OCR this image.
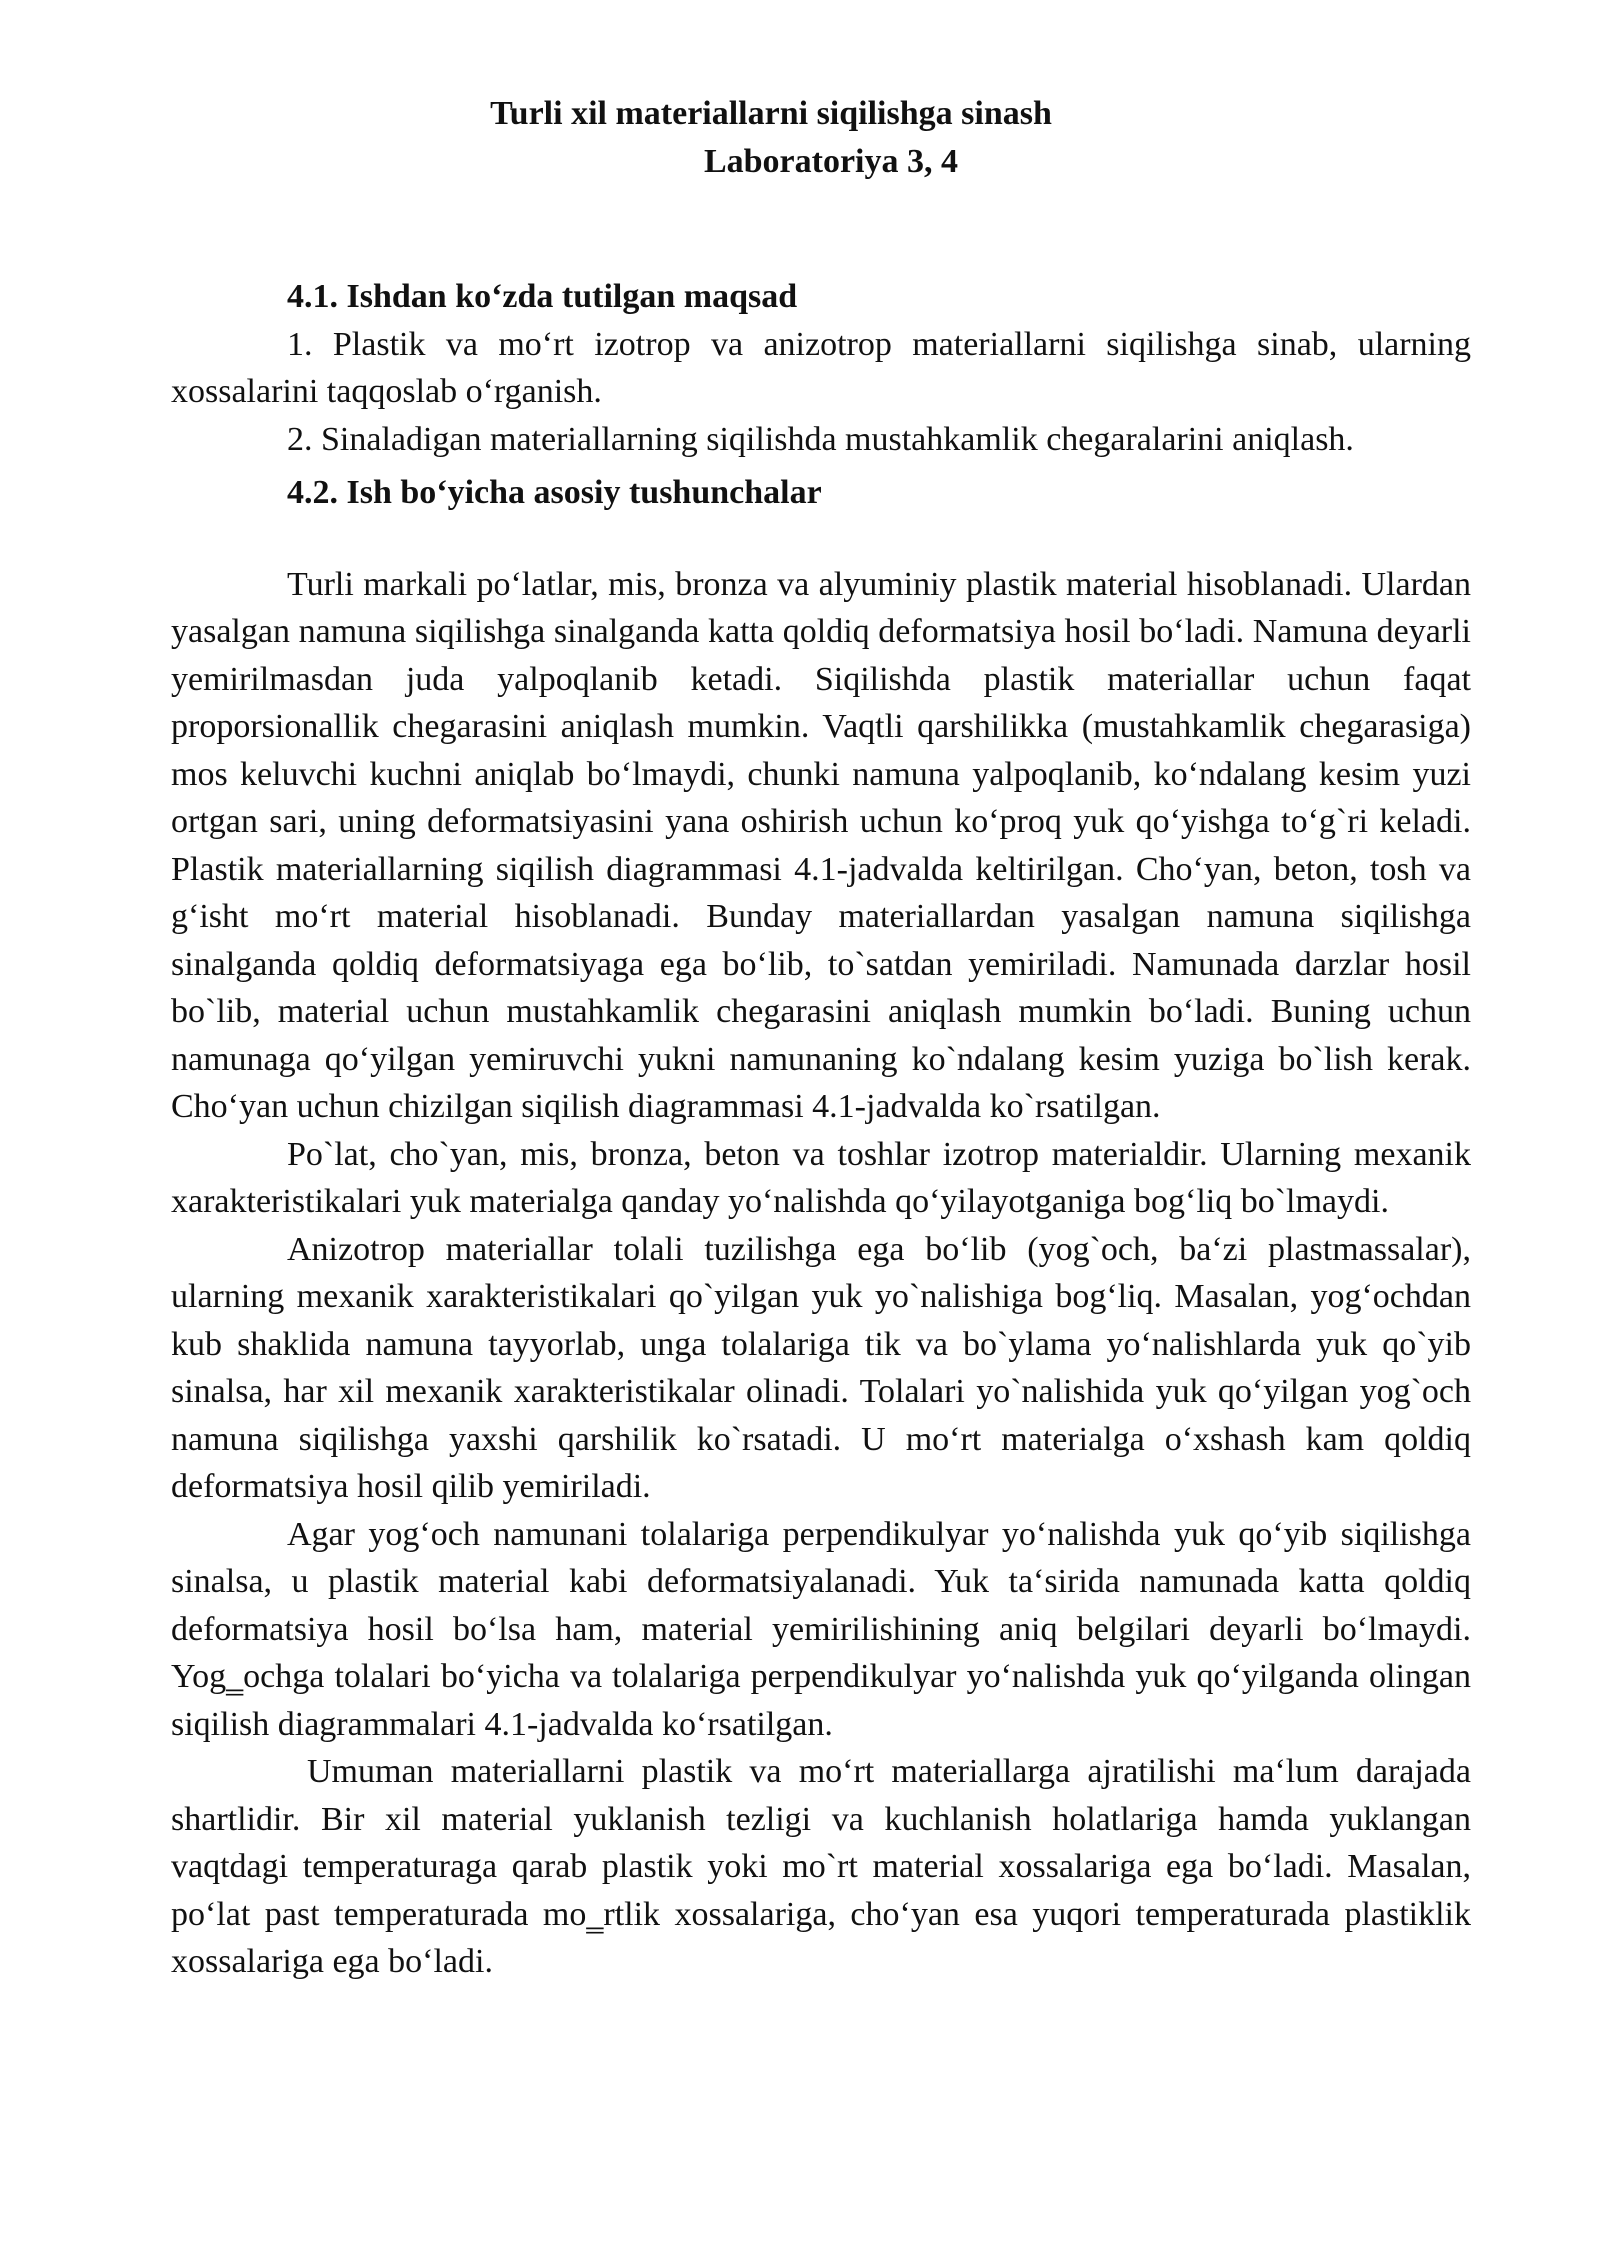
Turli xil materiallarni siqilishga sinash
Laboratoriya 3, 4
4.1. Ishdan ko‘zda tutilgan maqsad

1. Plastik va mo‘rt izotrop va anizotrop materiallarni siqilishga sinab, ularning xossalarini taqqoslab o‘rganish.

2. Sinaladigan materiallarning siqilishda mustahkamlik chegaralarini aniqlash.

4.2. Ish bo‘yicha asosiy tushunchalar

Turli markali po‘latlar, mis, bronza va alyuminiy plastik material hisoblanadi. Ulardan yasalgan namuna siqilishga sinalganda katta qoldiq deformatsiya hosil bo‘ladi. Namuna deyarli yemirilmasdan juda yalpoqlanib ketadi. Siqilishda plastik materiallar uchun faqat proporsionallik chegarasini aniqlash mumkin. Vaqtli qarshilikka (mustahkamlik chegarasiga) mos keluvchi kuchni aniqlab bo‘lmaydi, chunki namuna yalpoqlanib, ko‘ndalang kesim yuzi ortgan sari, uning deformatsiyasini yana oshirish uchun ko‘proq yuk qo‘yishga to‘g`ri keladi. Plastik materiallarning siqilish diagrammasi 4.1-jadvalda keltirilgan. Cho‘yan, beton, tosh va g‘isht mo‘rt material hisoblanadi. Bunday materiallardan yasalgan namuna siqilishga sinalganda qoldiq deformatsiyaga ega bo‘lib, to`satdan yemiriladi. Namunada darzlar hosil bo`lib, material uchun mustahkamlik chegarasini aniqlash mumkin bo‘ladi. Buning uchun namunaga qo‘yilgan yemiruvchi yukni namunaning ko`ndalang kesim yuziga bo`lish kerak. Cho‘yan uchun chizilgan siqilish diagrammasi 4.1-jadvalda ko`rsatilgan.

Po`lat, cho`yan, mis, bronza, beton va toshlar izotrop materialdir. Ularning mexanik xarakteristikalari yuk materialga qanday yo‘nalishda qo‘yilayotganiga bog‘liq bo`lmaydi.

Anizotrop materiallar tolali tuzilishga ega bo‘lib (yog`och, ba‘zi plastmassalar), ularning mexanik xarakteristikalari qo`yilgan yuk yo`nalishiga bog‘liq. Masalan, yog‘ochdan kub shaklida namuna tayyorlab, unga tolalariga tik va bo`ylama yo‘nalishlarda yuk qo`yib sinalsa, har xil mexanik xarakteristikalar olinadi. Tolalari yo`nalishida yuk qo‘yilgan yog`och namuna siqilishga yaxshi qarshilik ko`rsatadi. U mo‘rt materialga o‘xshash kam qoldiq deformatsiya hosil qilib yemiriladi.

Agar yog‘och namunani tolalariga perpendikulyar yo‘nalishda yuk qo‘yib siqilishga sinalsa, u plastik material kabi deformatsiyalanadi. Yuk ta‘sirida namunada katta qoldiq deformatsiya hosil bo‘lsa ham, material yemirilishining aniq belgilari deyarli bo‘lmaydi. Yog‗ochga tolalari bo‘yicha va tolalariga perpendikulyar yo‘nalishda yuk qo‘yilganda olingan siqilish diagrammalari 4.1-jadvalda ko‘rsatilgan.

Umuman materiallarni plastik va mo‘rt materiallarga ajratilishi ma‘lum darajada shartlidir. Bir xil material yuklanish tezligi va kuchlanish holatlariga hamda yuklangan vaqtdagi temperaturaga qarab plastik yoki mo`rt material xossalariga ega bo‘ladi. Masalan, po‘lat past temperaturada mo‗rtlik xossalariga, cho‘yan esa yuqori temperaturada plastiklik xossalariga ega bo‘ladi.
